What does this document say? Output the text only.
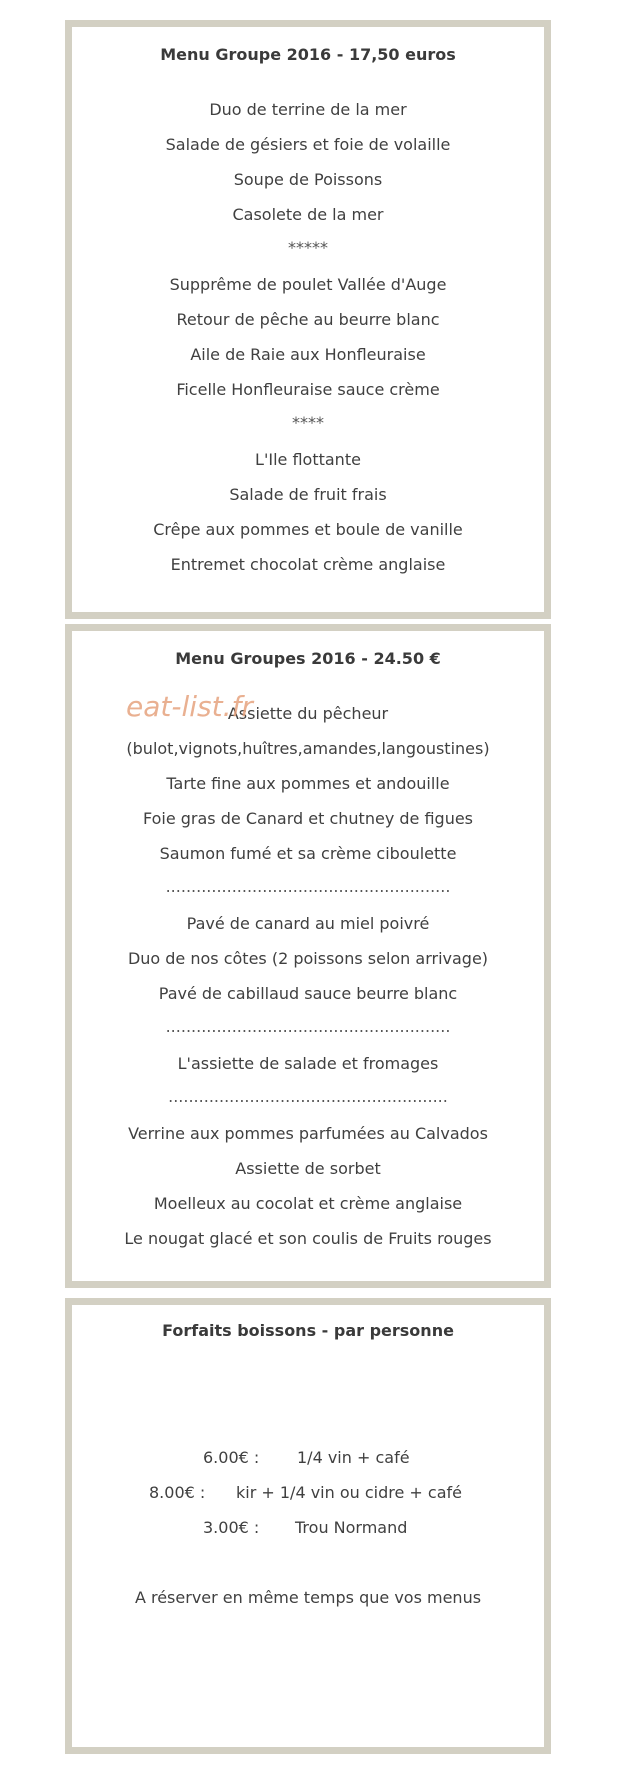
Menu Groupe 2016 - 17,50 euros
Duo de terrine de la mer
Salade de gésiers et foie de volaille
Soupe de Poissons
Casolete de la mer
*****
Supprême de poulet Vallée d'Auge
Retour de pêche au beurre blanc
Aile de Raie aux Honfleuraise
Ficelle Honfleuraise sauce crème
****
L'Ile flottante
Salade de fruit frais
Crêpe aux pommes et boule de vanille
Entremet chocolat crème anglaise
Menu Groupes 2016 - 24.50 €
Assiette du pêcheur
(bulot,vignots,huîtres,amandes,langoustines)
Tarte fine aux pommes et andouille
Foie gras de Canard et chutney de figues
Saumon fumé et sa crème ciboulette
........................................................
Pavé de canard au miel poivré
Duo de nos côtes (2 poissons selon arrivage)
Pavé de cabillaud sauce beurre blanc
........................................................
L'assiette de salade et fromages
.......................................................
Verrine aux pommes parfumées au Calvados
Assiette de sorbet
Moelleux au cocolat et crème anglaise
Le nougat glacé et son coulis de Fruits rouges
eat-list.fr
Forfaits boissons - par personne
6.00€ : 1/4 vin + café
8.00€ : kir + 1/4 vin ou cidre + café
3.00€ : Trou Normand
A réserver en même temps que vos menus
